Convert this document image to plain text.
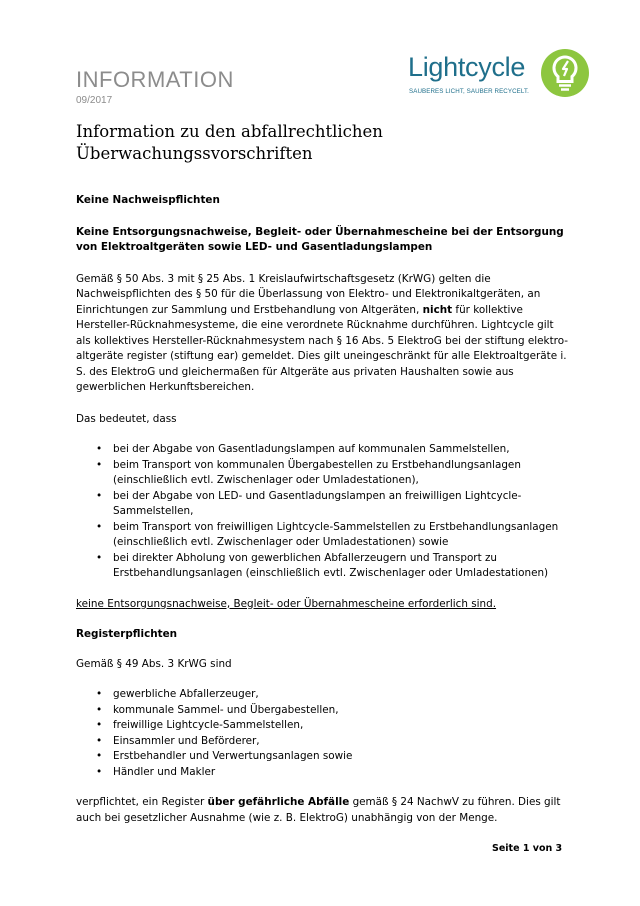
INFORMATION
09/2017
Lightcycle
SAUBERES LICHT, SAUBER RECYCELT.
Information zu den abfallrechtlichen
Überwachungssvorschriften

Keine Nachweispflichten

Keine Entsorgungsnachweise, Begleit- oder Übernahmescheine bei der Entsorgung von Elektroaltgeräten sowie LED- und Gasentladungslampen

Gemäß § 50 Abs. 3 mit § 25 Abs. 1 Kreislaufwirtschaftsgesetz (KrWG) gelten die Nachweispflichten des § 50 für die Überlassung von Elektro- und Elektronikaltgeräten, an Einrichtungen zur Sammlung und Erstbehandlung von Altgeräten, nicht für kollektive Hersteller-Rücknahmesysteme, die eine verordnete Rücknahme durchführen. Lightcycle gilt als kollektives Hersteller-Rücknahmesystem nach § 16 Abs. 5 ElektroG bei der stiftung elektro-altgeräte register (stiftung ear) gemeldet. Dies gilt uneingeschränkt für alle Elektroaltgeräte i. S. des ElektroG und gleichermaßen für Altgeräte aus privaten Haushalten sowie aus gewerblichen Herkunftsbereichen.

Das bedeutet, dass

• bei der Abgabe von Gasentladungslampen auf kommunalen Sammelstellen,
• beim Transport von kommunalen Übergabestellen zu Erstbehandlungsanlagen (einschließlich evtl. Zwischenlager oder Umladestationen),
• bei der Abgabe von LED- und Gasentladungslampen an freiwilligen Lightcycle-Sammelstellen,
• beim Transport von freiwilligen Lightcycle-Sammelstellen zu Erstbehandlungsanlagen (einschließlich evtl. Zwischenlager oder Umladestationen) sowie
• bei direkter Abholung von gewerblichen Abfallerzeugern und Transport zu Erstbehandlungsanlagen (einschließlich evtl. Zwischenlager oder Umladestationen)

keine Entsorgungsnachweise, Begleit- oder Übernahmescheine erforderlich sind.

Registerpflichten

Gemäß § 49 Abs. 3 KrWG sind

• gewerbliche Abfallerzeuger,
• kommunale Sammel- und Übergabestellen,
• freiwillige Lightcycle-Sammelstellen,
• Einsammler und Beförderer,
• Erstbehandler und Verwertungsanlagen sowie
• Händler und Makler

verpflichtet, ein Register über gefährliche Abfälle gemäß § 24 NachwV zu führen. Dies gilt auch bei gesetzlicher Ausnahme (wie z. B. ElektroG) unabhängig von der Menge.

Seite 1 von 3
